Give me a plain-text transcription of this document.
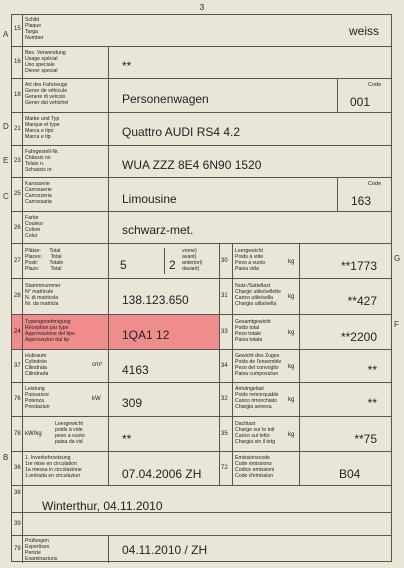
3
A
D
E
C
B
G
F
15
Schild
Plaque
Targa
Number	weiss
16
Bes. Verwendung
Usage spécial
Uso speciale
Diever special	**
18
Art des Fahrzeugs
Genre de véhicule
Genere di veicolo
Gener dal vehichel	Personenwagen
Code
001
21
Marke und Typ
Marque et type
Marca e tipo
Marca e tip	Quattro AUDI RS4 4.2
23
Fahrgestell-Nr.
Châssis no
Telaio n.
Schassis nr.	WUA ZZZ 8E4 6N90 1520
25
Karosserie
Carrosserie
Carrozzeria
Carrossaria	Limousine
Code
163
26
Farbe
Couleur
Colore
Colur	schwarz-met.
27
Plätze:      Total
Places:      Total
Posti:        Totale
Plazs:        Total	5	2
vorne)
avant)
anteriori)
davant)
30
Leergewicht
Poids à vide
Peso a vuoto
Paisa vida
kg	**1773
28
Stammnummer
N° matricule
N. di matricola
Nr. da matricla	138.123.650	31
Nutz-/Sattellast
Charge utile/sellette
Carico utile/sella
Chargia utila/sella
kg	**427
24
Typengenehmigung
Réception par type
Approvazione del tipo
Approvaziun dal tip	1QA1 12	33
Gesamtgewicht
Poids total
Peso totale
Paisa totala
kg	**2200
37
Hubraum
Cylindrée
Cilindrata
Cilindrada
cm³ 4163	34
Gewicht des Zuges
Poids de l'ensemble
Peso del convoglio
Paisa cumposiziun
kg	**
76
Leistung
Puissance
Potenza
Prestaziun
kW 309	32
Anhängelast
Poids remorquable
Carico rimorchiato
Chargia annexa
kg	**
78 kW/kg
Leergewicht
poids à vide
peso a vuoto
paisa da vid	**	35
Dachlast
Charge sur le toit
Carico sul tetto
Chargia sin il tetg
kg	**75
36
1. Inverkehrsetzung
1re mise en circulation
1a messa in circolazione
1.entrada en circulaziun	07.04.2006 ZH	72
Emissionscode
Code émissions
Codice emissioni
Code d'emissiun	B04
38
Winterthur, 04.11.2010
39
79
Prüfungen
Expertises
Perizie
Examinaziuns
04.11.2010 / ZH
